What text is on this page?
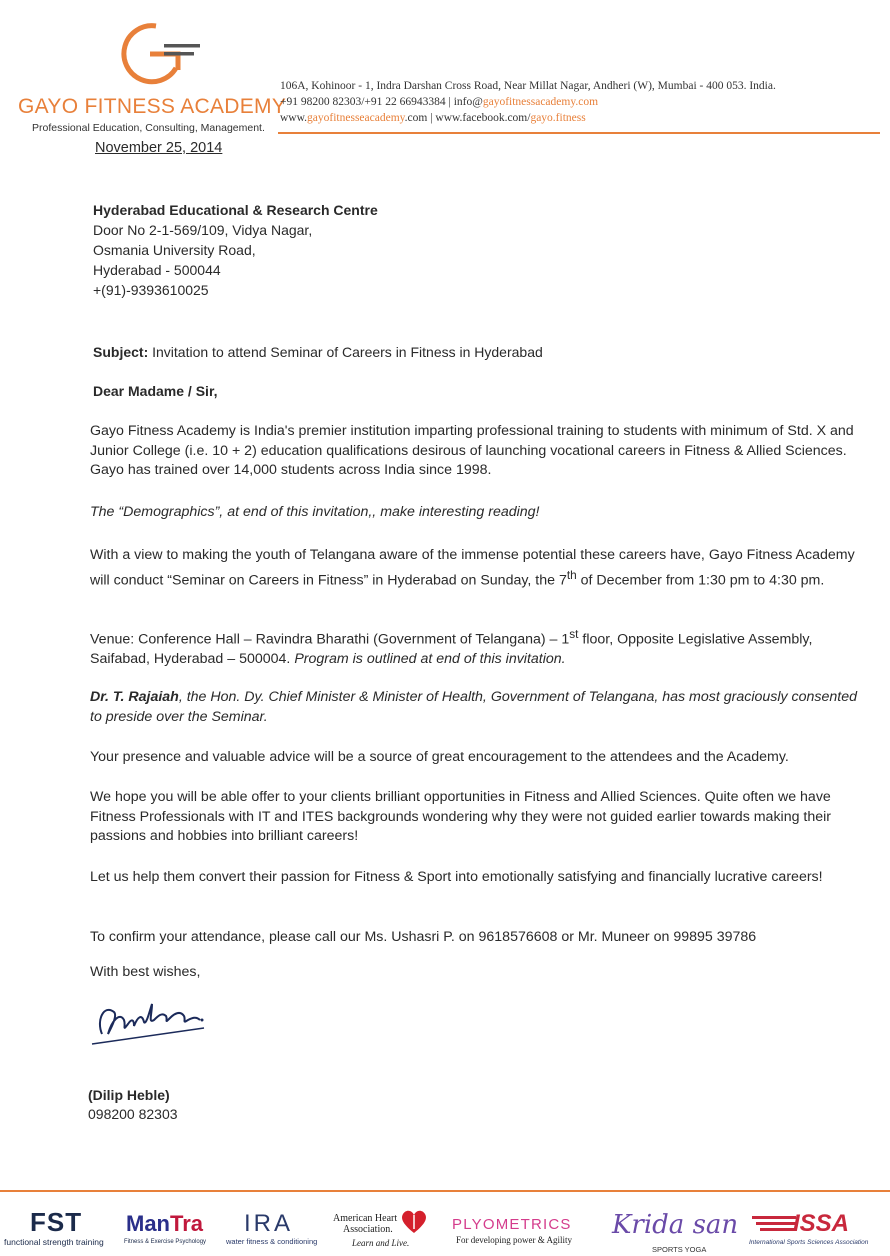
GAYO FITNESS ACADEMY
Professional Education, Consulting, Management.
106A, Kohinoor - 1, Indra Darshan Cross Road, Near Millat Nagar, Andheri (W), Mumbai - 400 053. India.
+91 98200 82303/+91 22 66943384 | info@gayofitnessacademy.com
www.gayofitnesseacademy.com | www.facebook.com/gayo.fitness
November 25, 2014
Hyderabad Educational & Research Centre
Door No 2-1-569/109, Vidya Nagar,
Osmania University Road,
Hyderabad - 500044
+(91)-9393610025
Subject: Invitation to attend Seminar of Careers in Fitness in Hyderabad
Dear Madame / Sir,

Gayo Fitness Academy is India's premier institution imparting professional training to students with minimum of Std. X and Junior College (i.e. 10 + 2) education qualifications desirous of launching vocational careers in Fitness & Allied Sciences. Gayo has trained over 14,000 students across India since 1998.

The “Demographics”, at end of this invitation,, make interesting reading!

With a view to making the youth of Telangana aware of the immense potential these careers have, Gayo Fitness Academy will conduct “Seminar on Careers in Fitness” in Hyderabad on Sunday, the 7th of December from 1:30 pm to 4:30 pm.

Venue: Conference Hall – Ravindra Bharathi (Government of Telangana) – 1st floor, Opposite Legislative Assembly, Saifabad, Hyderabad – 500004. Program is outlined at end of this invitation.

Dr. T. Rajaiah, the Hon. Dy. Chief Minister & Minister of Health, Government of Telangana, has most graciously consented to preside over the Seminar.

Your presence and valuable advice will be a source of great encouragement to the attendees and the Academy.

We hope you will be able offer to your clients brilliant opportunities in Fitness and Allied Sciences. Quite often we have Fitness Professionals with IT and ITES backgrounds wondering why they were not guided earlier towards making their passions and hobbies into brilliant careers!

Let us help them convert their passion for Fitness & Sport into emotionally satisfying and financially lucrative careers!

To confirm your attendance, please call our Ms. Ushasri P. on 9618576608 or Mr. Muneer on 99895 39786

With best wishes,

(Dilip Heble)
098200 82303
FST
functional strength training
ManTra
Fitness & Exercise Psychology
IRA
water fitness & conditioning
American Heart
Association.
Learn and Live.
PLYOMETRICS
For developing power & Agility Krida san
SPORTS YOGA
ISSA
International Sports Sciences Association
